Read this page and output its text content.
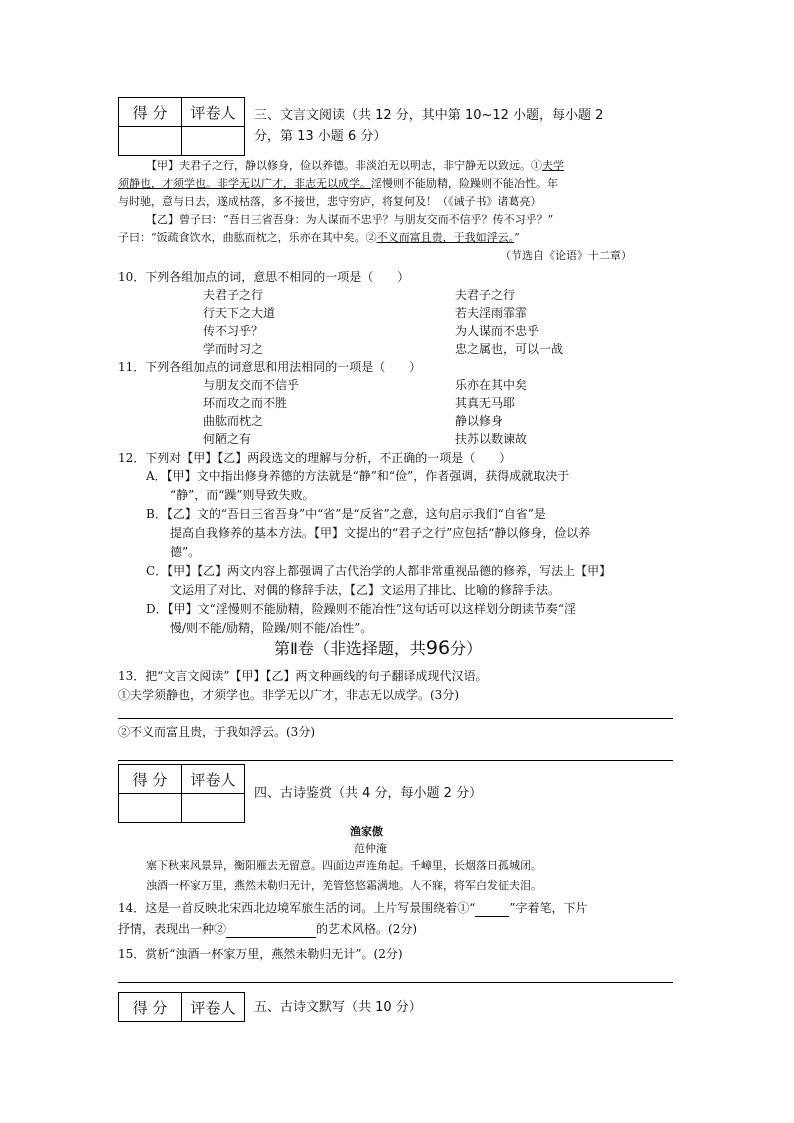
得 分	评卷人
	三、文言文阅读（共 12 分，其中第 10~12 小题，每小题 2
分，第 13 小题 6 分）
【甲】夫君子之行，静以修身，俭以养德。非淡泊无以明志，非宁静无以致远。①夫学
须静也，才须学也。非学无以广才，非志无以成学。淫慢则不能励精，险躁则不能冶性。年
与时驰，意与日去，遂成枯落，多不接世，悲守穷庐，将复何及！（《诫子书》诸葛亮）
【乙】曾子曰：“吾日三省吾身：为人谋而不忠乎？与朋友交而不信乎？传不习乎？”
子曰：“饭疏食饮水，曲肱而枕之，乐亦在其中矣。②不义而富且贵，于我如浮云。”
（节选自《论语》十二章）
10．下列各组加点的词，意思不相同的一项是（　　）
夫君子之行	夫君子之行
行天下之大道	若夫淫雨霏霏
传不习乎？	为人谋而不忠乎
学而时习之	忠之属也，可以一战
11．下列各组加点的词意思和用法相同的一项是（　　）
与朋友交而不信乎	乐亦在其中矣
环而攻之而不胜	其真无马耶
曲肱而枕之	静以修身
何陋之有	扶苏以数谏故
12．下列对【甲】【乙】两段选文的理解与分析，不正确的一项是（　　）
A．【甲】文中指出修身养德的方法就是“静”和“俭”，作者强调，获得成就取决于
“静”，而“躁”则导致失败。
B．【乙】文的“吾日三省吾身”中“省”是“反省”之意，这句启示我们“自省”是
提高自我修养的基本方法。【甲】文提出的“君子之行”应包括“静以修身，俭以养
德”。
C．【甲】【乙】两文内容上都强调了古代治学的人都非常重视品德的修养，写法上【甲】
文运用了对比、对偶的修辞手法，【乙】文运用了排比、比喻的修辞手法。
D．【甲】文“淫慢则不能励精，险躁则不能冶性”这句话可以这样划分朗读节奏“淫
慢/则不能/励精，险躁/则不能/冶性”。
第Ⅱ卷（非选择题，共96分）
13．把“文言文阅读”【甲】【乙】两文种画线的句子翻译成现代汉语。
①夫学须静也，才须学也。非学无以广才，非志无以成学。(3分)
②不义而富且贵，于我如浮云。(3分)
得 分	评卷人

四、古诗鉴赏（共 4 分，每小题 2 分）
渔家傲
范仲淹
塞下秋来风景异，衡阳雁去无留意。四面边声连角起。千嶂里，长烟落日孤城闭。
浊酒一杯家万里，燕然未勒归无计，羌管悠悠霜满地。人不寐，将军白发征夫泪。
14．这是一首反映北宋西北边境军旅生活的词。上片写景围绕着①“	”字着笔，下片
抒情，表现出一种②	的艺术风格。(2分)
15．赏析“浊酒一杯家万里，燕然未勒归无计”。(2分)
得 分	评卷人 五、古诗文默写（共 10 分）
